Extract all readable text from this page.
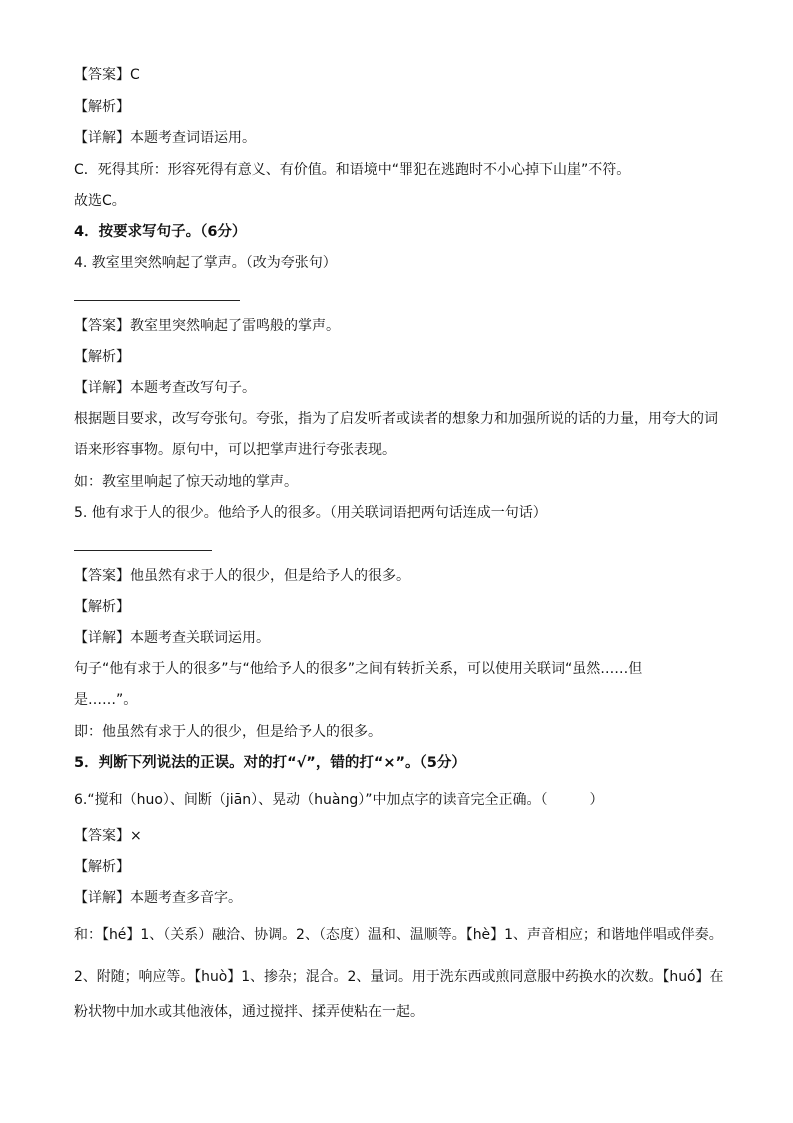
【答案】C

【解析】

【详解】本题考查词语运用。

C．死得其所：形容死得有意义、有价值。和语境中“罪犯在逃跑时不小心掉下山崖”不符。

故选C。

4．按要求写句子。（6分）

4. 教室里突然响起了掌声。（改为夸张句）

【答案】教室里突然响起了雷鸣般的掌声。

【解析】

【详解】本题考查改写句子。

根据题目要求，改写夸张句。夸张，指为了启发听者或读者的想象力和加强所说的话的力量，用夸大的词

语来形容事物。原句中，可以把掌声进行夸张表现。

如：教室里响起了惊天动地的掌声。

5. 他有求于人的很少。他给予人的很多。（用关联词语把两句话连成一句话）

【答案】他虽然有求于人的很少，但是给予人的很多。

【解析】

【详解】本题考查关联词运用。

句子“他有求于人的很多”与“他给予人的很多”之间有转折关系，可以使用关联词“虽然……但

是……”。

即：他虽然有求于人的很少，但是给予人的很多。

5．判断下列说法的正误。对的打“√”，错的打“×”。（5分）

6.“搅和（huo）、间断（jiān）、晃动（huàng）”中加点字的读音完全正确。（　　　）

【答案】×

【解析】

【详解】本题考查多音字。

和：【hé】1、（关系）融洽、协调。2、（态度）温和、温顺等。【hè】1、声音相应；和谐地伴唱或伴奏。

2、附随；响应等。【huò】1、掺杂；混合。2、量词。用于洗东西或煎同意服中药换水的次数。【huó】在

粉状物中加水或其他液体，通过搅拌、揉弄使粘在一起。
